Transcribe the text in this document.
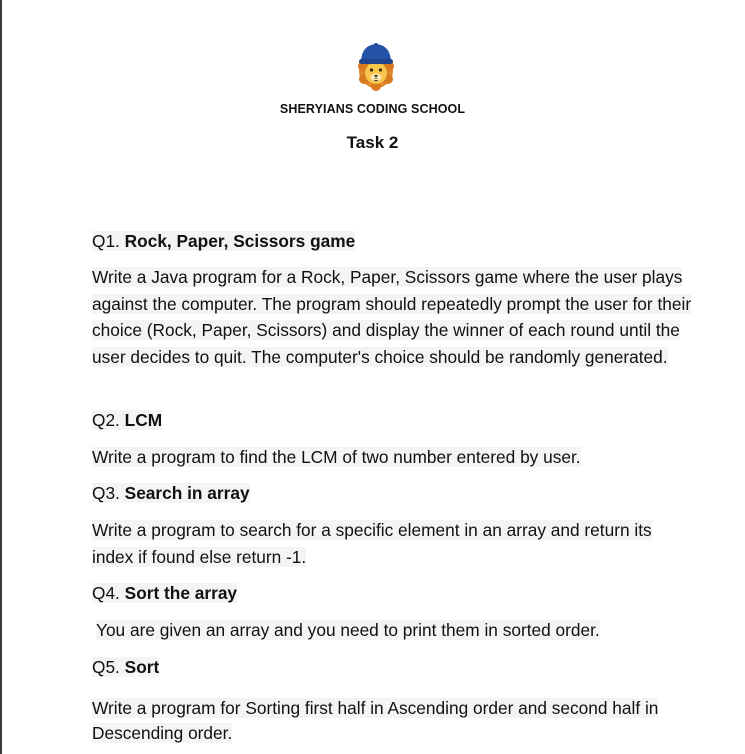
SHERYIANS CODING SCHOOL
Task 2
Q1. Rock, Paper, Scissors game
Write a Java program for a Rock, Paper, Scissors game where the user plays against the computer. The program should repeatedly prompt the user for their choice (Rock, Paper, Scissors) and display the winner of each round until the user decides to quit. The computer's choice should be randomly generated.
Q2. LCM
Write a program to find the LCM of two number entered by user.
Q3. Search in array
Write a program to search for a specific element in an array and return its index if found else return -1.
Q4. Sort the array
You are given an array and you need to print them in sorted order.
Q5. Sort
Write a program for Sorting first half in Ascending order and second half in Descending order.
